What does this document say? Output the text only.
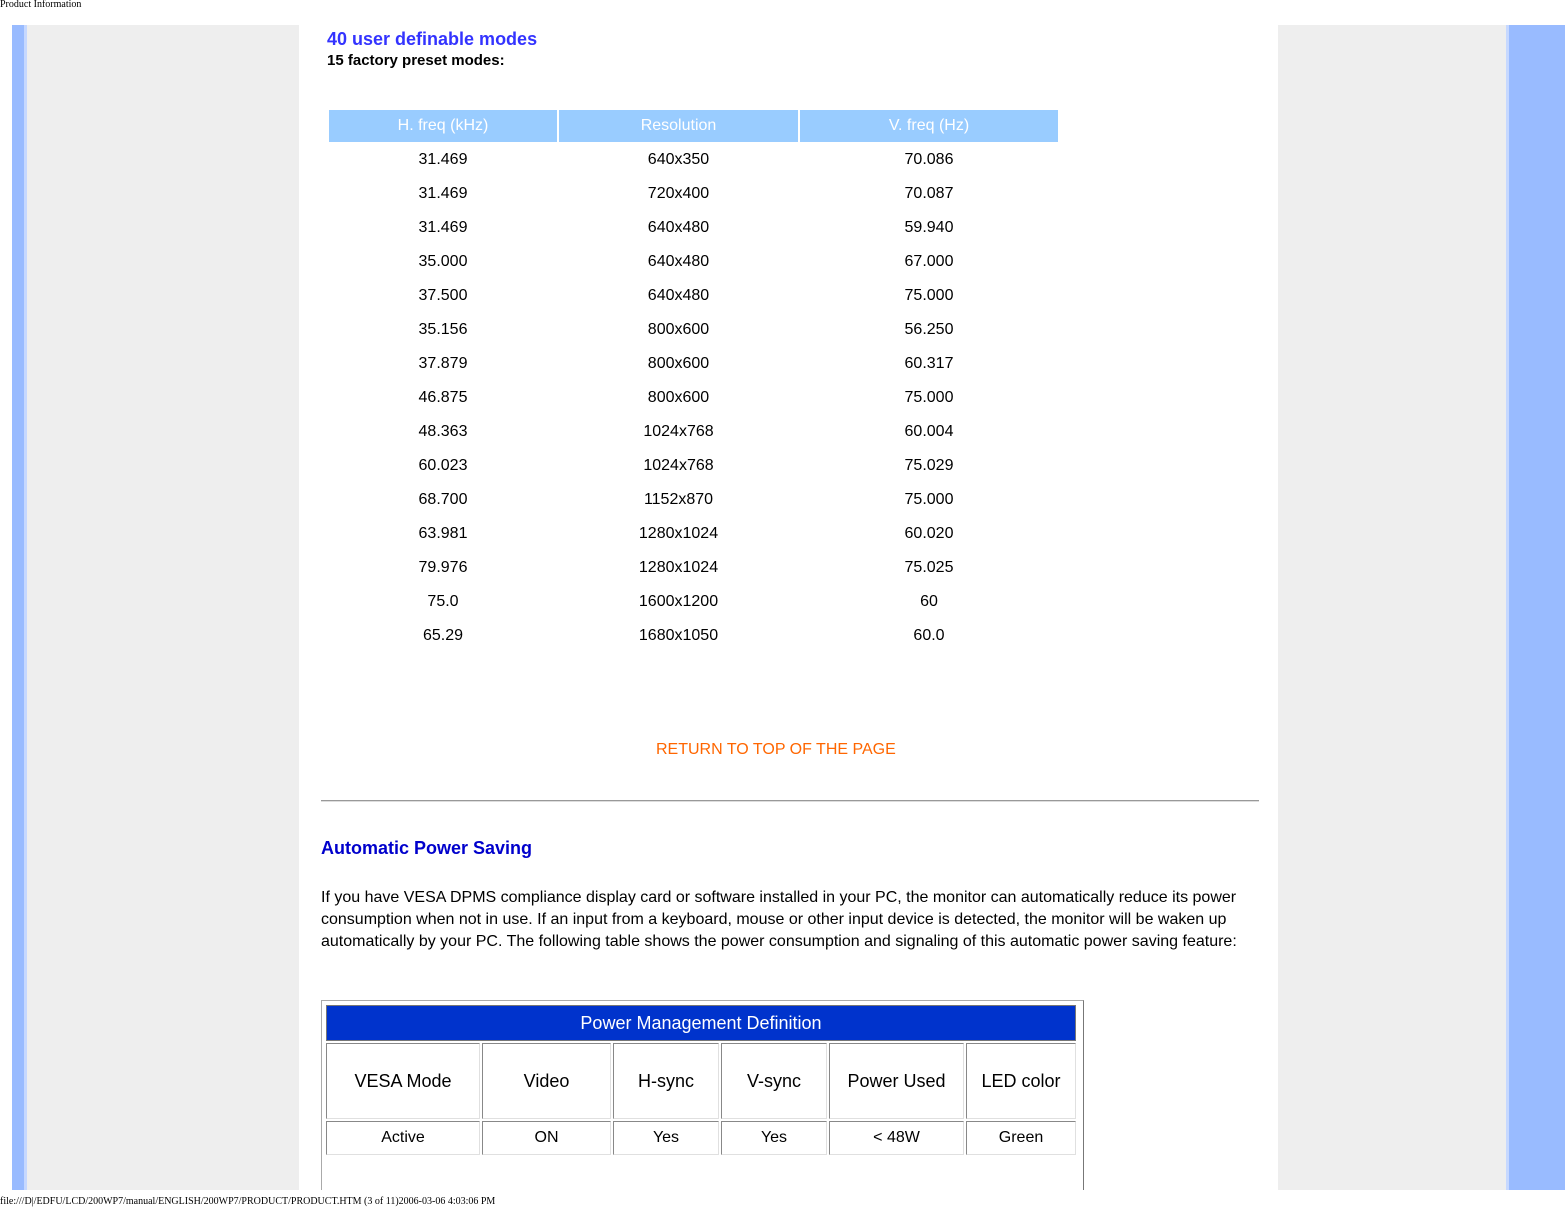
Product Information
40 user definable modes
15 factory preset modes:
H. freq (kHz)	Resolution	V. freq (Hz)
31.469	640x350	70.086
31.469	720x400	70.087
31.469	640x480	59.940
35.000	640x480	67.000
37.500	640x480	75.000
35.156	800x600	56.250
37.879	800x600	60.317
46.875	800x600	75.000
48.363	1024x768	60.004
60.023	1024x768	75.029
68.700	1152x870	75.000
63.981	1280x1024	60.020
79.976	1280x1024	75.025
75.0	1600x1200	60
65.29	1680x1050	60.0
RETURN TO TOP OF THE PAGE
Automatic Power Saving
If you have VESA DPMS compliance display card or software installed in your PC, the monitor can automatically reduce its power consumption when not in use. If an input from a keyboard, mouse or other input device is detected, the monitor will be waken up automatically by your PC. The following table shows the power consumption and signaling of this automatic power saving feature:
Power Management Definition					
VESA Mode	Video	H-sync	V-sync	Power Used	LED color
Active	ON	Yes	Yes	< 48W	Green
file:///D|/EDFU/LCD/200WP7/manual/ENGLISH/200WP7/PRODUCT/PRODUCT.HTM (3 of 11)2006-03-06 4:03:06 PM
